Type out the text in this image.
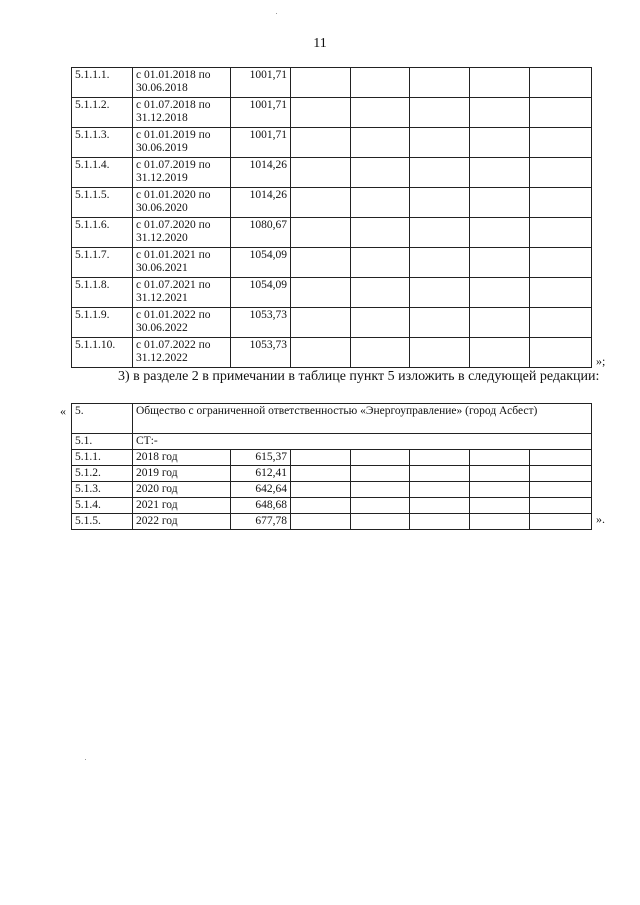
11
5.1.1.1.	с 01.01.2018 по 30.06.2018	1001,71					
5.1.1.2.	с 01.07.2018 по 31.12.2018	1001,71					
5.1.1.3.	с 01.01.2019 по 30.06.2019	1001,71					
5.1.1.4.	с 01.07.2019 по 31.12.2019	1014,26					
5.1.1.5.	с 01.01.2020 по 30.06.2020	1014,26					
5.1.1.6.	с 01.07.2020 по 31.12.2020	1080,67					
5.1.1.7.	с 01.01.2021 по 30.06.2021	1054,09					
5.1.1.8.	с 01.07.2021 по 31.12.2021	1054,09					
5.1.1.9.	с 01.01.2022 по 30.06.2022	1053,73					
5.1.1.10.	с 01.07.2022 по 31.12.2022	1053,73					
»;
3) в разделе 2 в примечании в таблице пункт 5 изложить в следующей редакции:
« 5.	Общество с ограниченной ответственностью «Энергоуправление» (город Асбест)						
5.1.	СТ:-						
5.1.1.	2018 год	615,37					
5.1.2.	2019 год	612,41					
5.1.3.	2020 год	642,64					
5.1.4.	2021 год	648,68					
5.1.5.	2022 год	677,78						».
